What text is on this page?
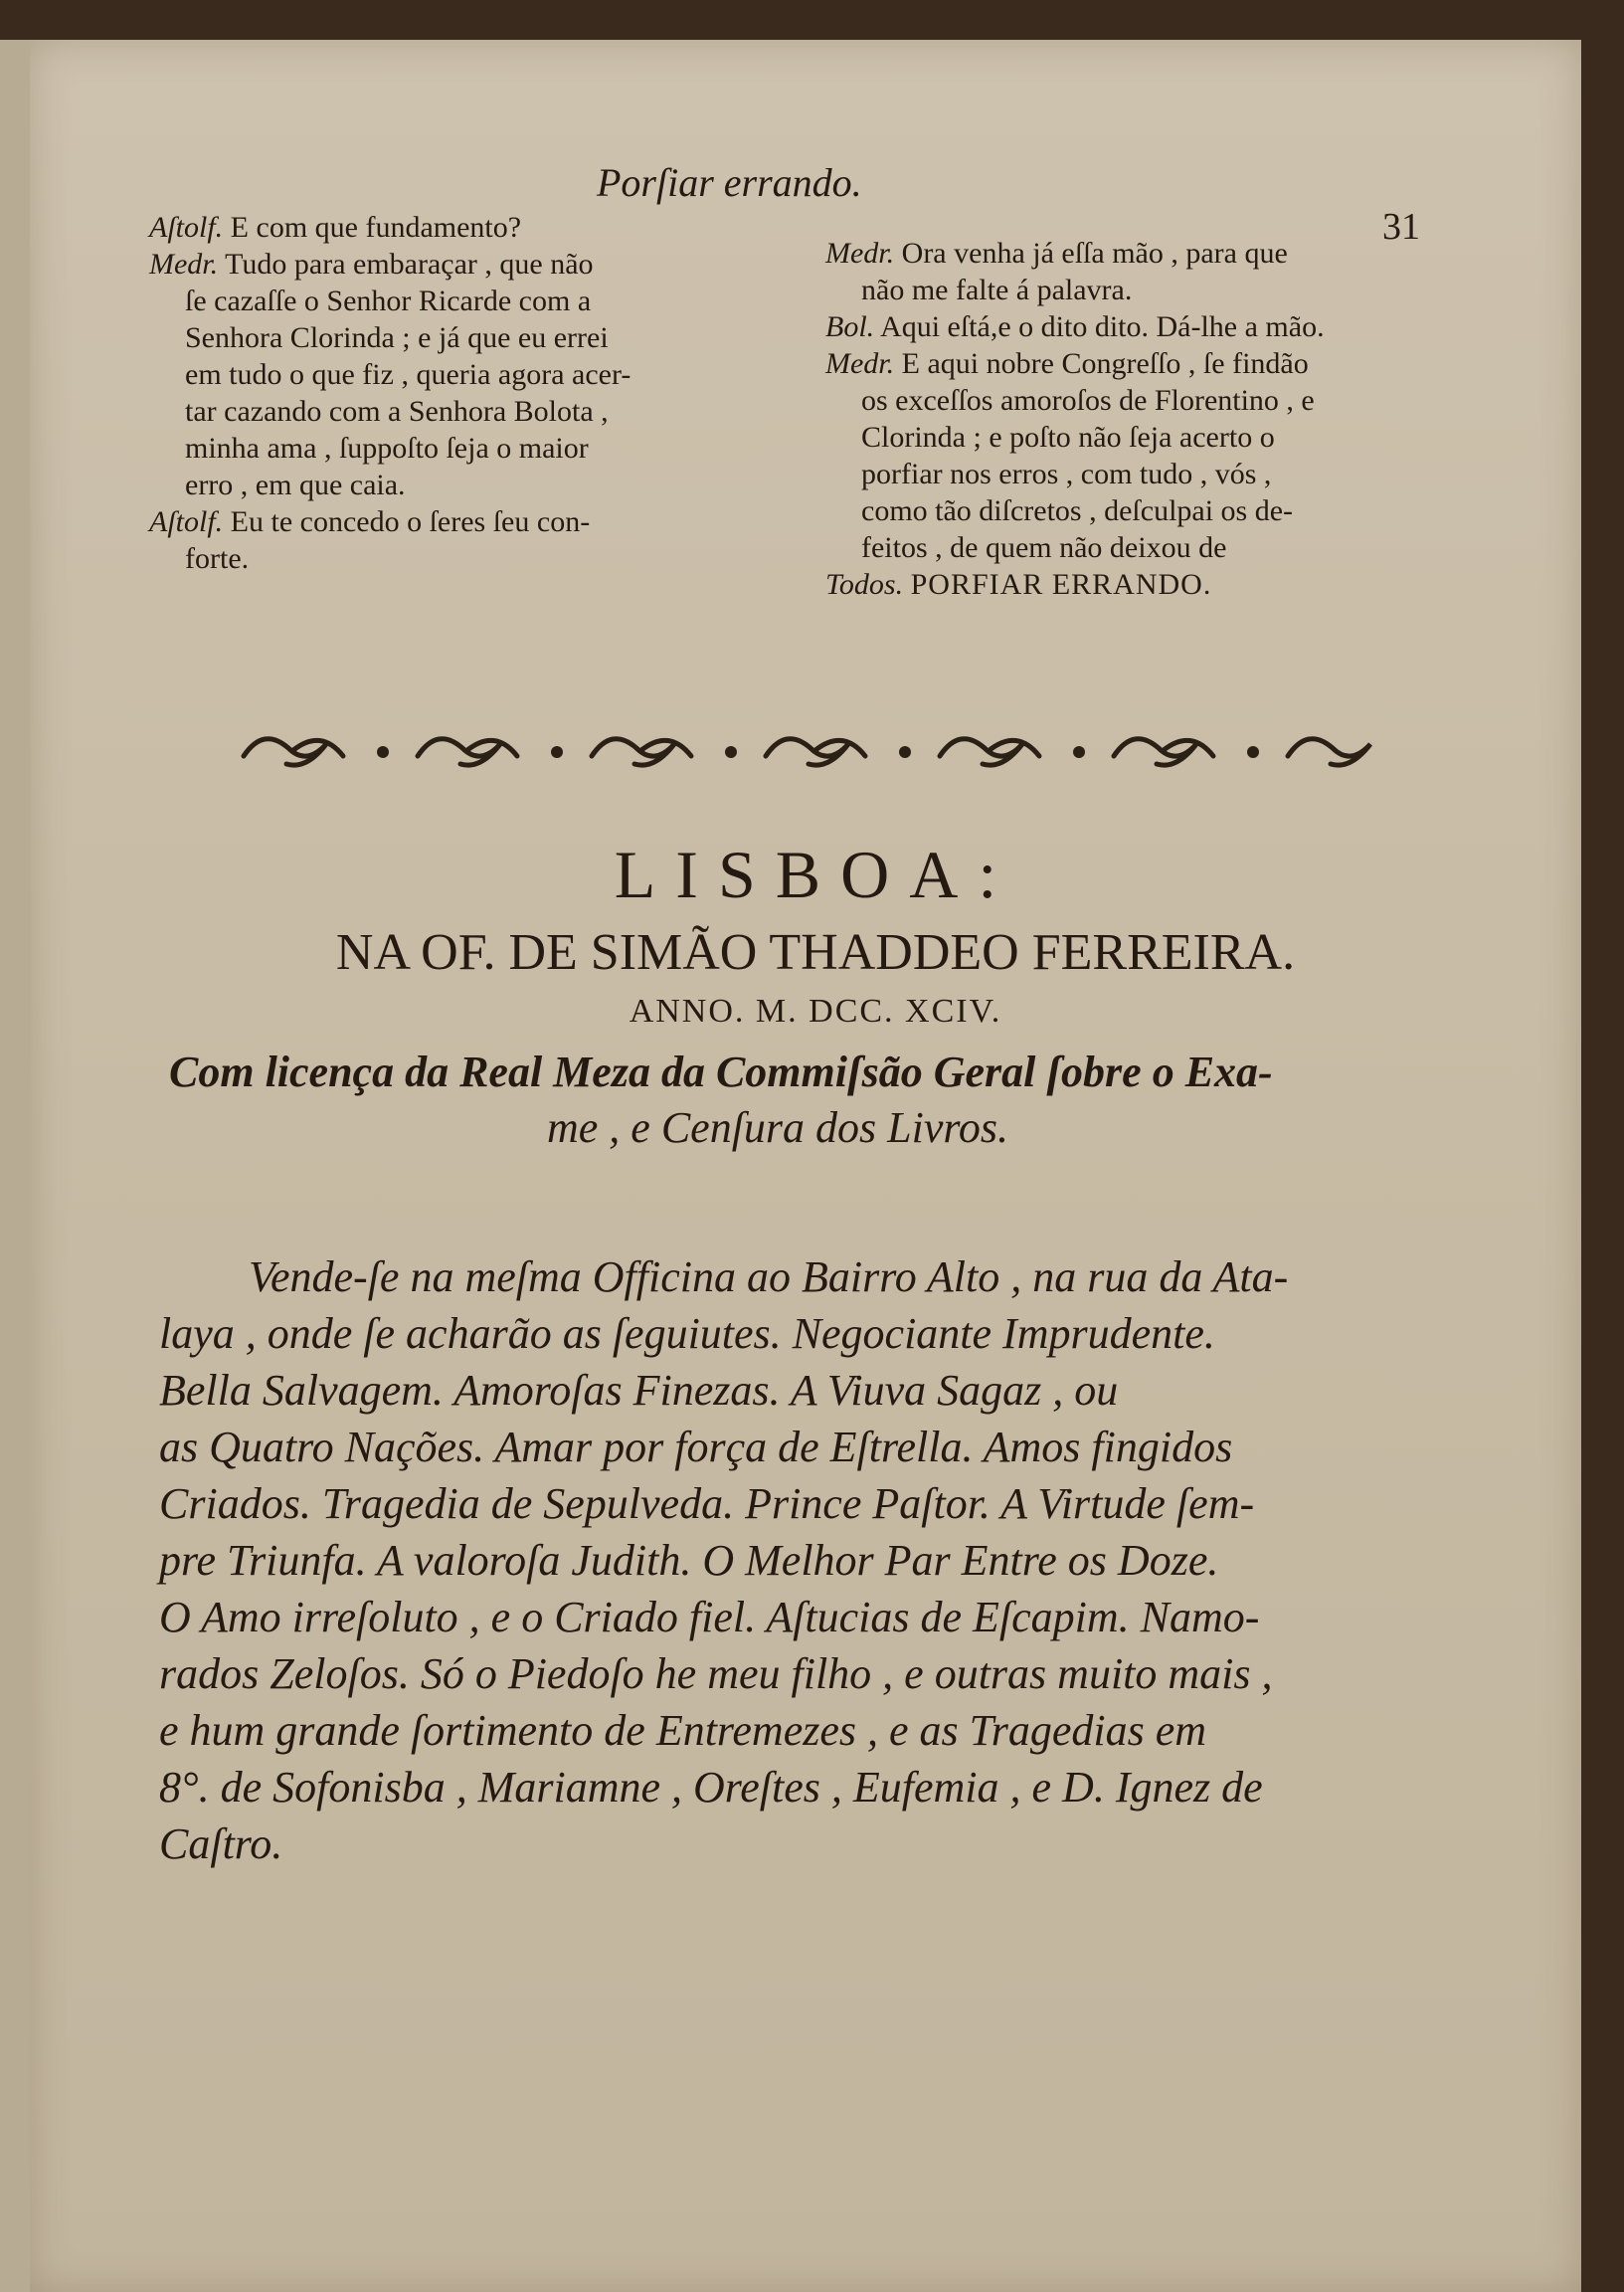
Porſiar errando.
31
Aſtolf. E com que fundamento?
Medr. Tudo para embaraçar , que não
ſe cazaſſe o Senhor Ricarde com a
Senhora Clorinda ; e já que eu errei
em tudo o que fiz , queria agora acer-
tar cazando com a Senhora Bolota ,
minha ama , ſuppoſto ſeja o maior
erro , em que caia.
Aſtolf. Eu te concedo o ſeres ſeu con-
forte.
Medr. Ora venha já eſſa mão , para que
não me falte á palavra.
Bol. Aqui eſtá,e o dito dito. Dá-lhe a mão.
Medr. E aqui nobre Congreſſo , ſe findão
os exceſſos amoroſos de Florentino , e
Clorinda ; e poſto não ſeja acerto o
porfiar nos erros , com tudo , vós ,
como tão diſcretos , deſculpai os de-
feitos , de quem não deixou de
Todos. PORFIAR ERRANDO.
LISBOA:
NA OF. DE SIMÃO THADDEO FERREIRA.
ANNO. M. DCC. XCIV.
Com licença da Real Meza da Commiſsão Geral ſobre o Exa-
me , e Cenſura dos Livros.
Vende-ſe na meſma Officina ao Bairro Alto , na rua da Ata-
laya , onde ſe acharão as ſeguiutes. Negociante Imprudente.
Bella Salvagem. Amoroſas Finezas. A Viuva Sagaz , ou
as Quatro Nações. Amar por força de Eſtrella. Amos fingidos
Criados. Tragedia de Sepulveda. Prince Paſtor. A Virtude ſem-
pre Triunfa. A valoroſa Judith. O Melhor Par Entre os Doze.
O Amo irreſoluto , e o Criado fiel. Aſtucias de Eſcapim. Namo-
rados Zeloſos. Só o Piedoſo he meu filho , e outras muito mais ,
e hum grande ſortimento de Entremezes , e as Tragedias em
8°. de Sofonisba , Mariamne , Oreſtes , Eufemia , e D. Ignez de
Caſtro.
